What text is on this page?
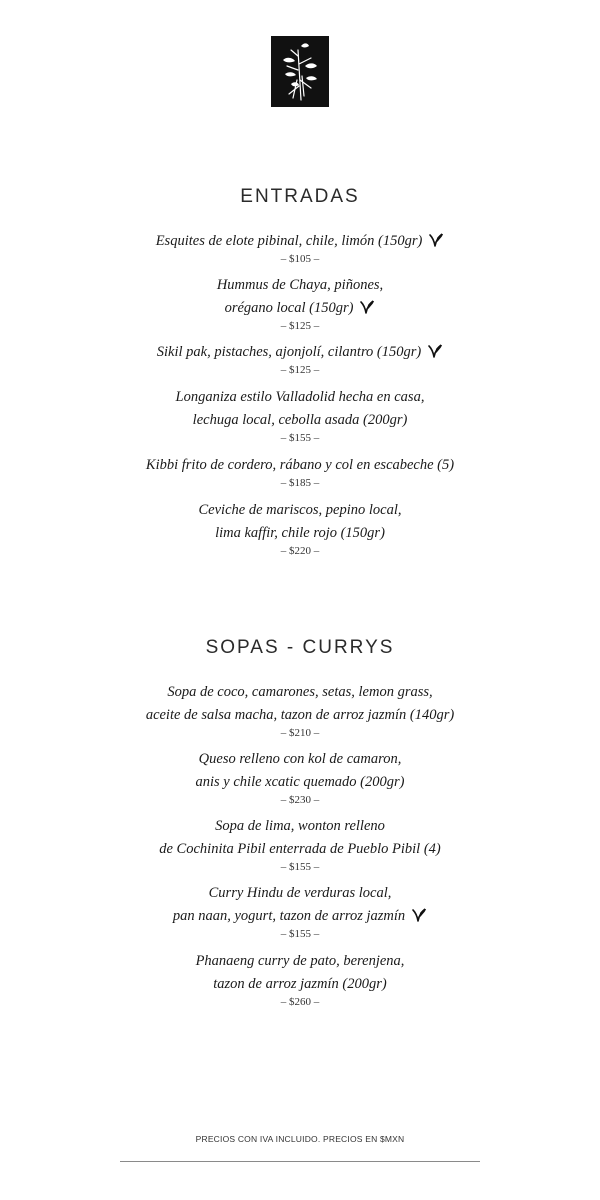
ENTRADAS
Esquites de elote pibinal, chile, limón (150gr)
– $105 –
Hummus de Chaya, piñones,
orégano local (150gr)
– $125 –
Sikil pak, pistaches, ajonjolí, cilantro (150gr)
– $125 –
Longaniza estilo Valladolid hecha en casa,
lechuga local, cebolla asada (200gr)
– $155 –
Kibbi frito de cordero, rábano y col en escabeche (5)
– $185 –
Ceviche de mariscos, pepino local,
lima kaffir, chile rojo (150gr)
– $220 –
SOPAS - CURRYS
Sopa de coco, camarones, setas, lemon grass,
aceite de salsa macha, tazon de arroz jazmín (140gr)
– $210 –
Queso relleno con kol de camaron,
anis y chile xcatic quemado (200gr)
– $230 –
Sopa de lima, wonton relleno
de Cochinita Pibil enterrada de Pueblo Pibil (4)
– $155 –
Curry Hindu de verduras local,
pan naan, yogurt, tazon de arroz jazmín
– $155 –
Phanaeng curry de pato, berenjena,
tazon de arroz jazmín (200gr)
– $260 –
PRECIOS CON IVA INCLUIDO. PRECIOS EN $MXN
